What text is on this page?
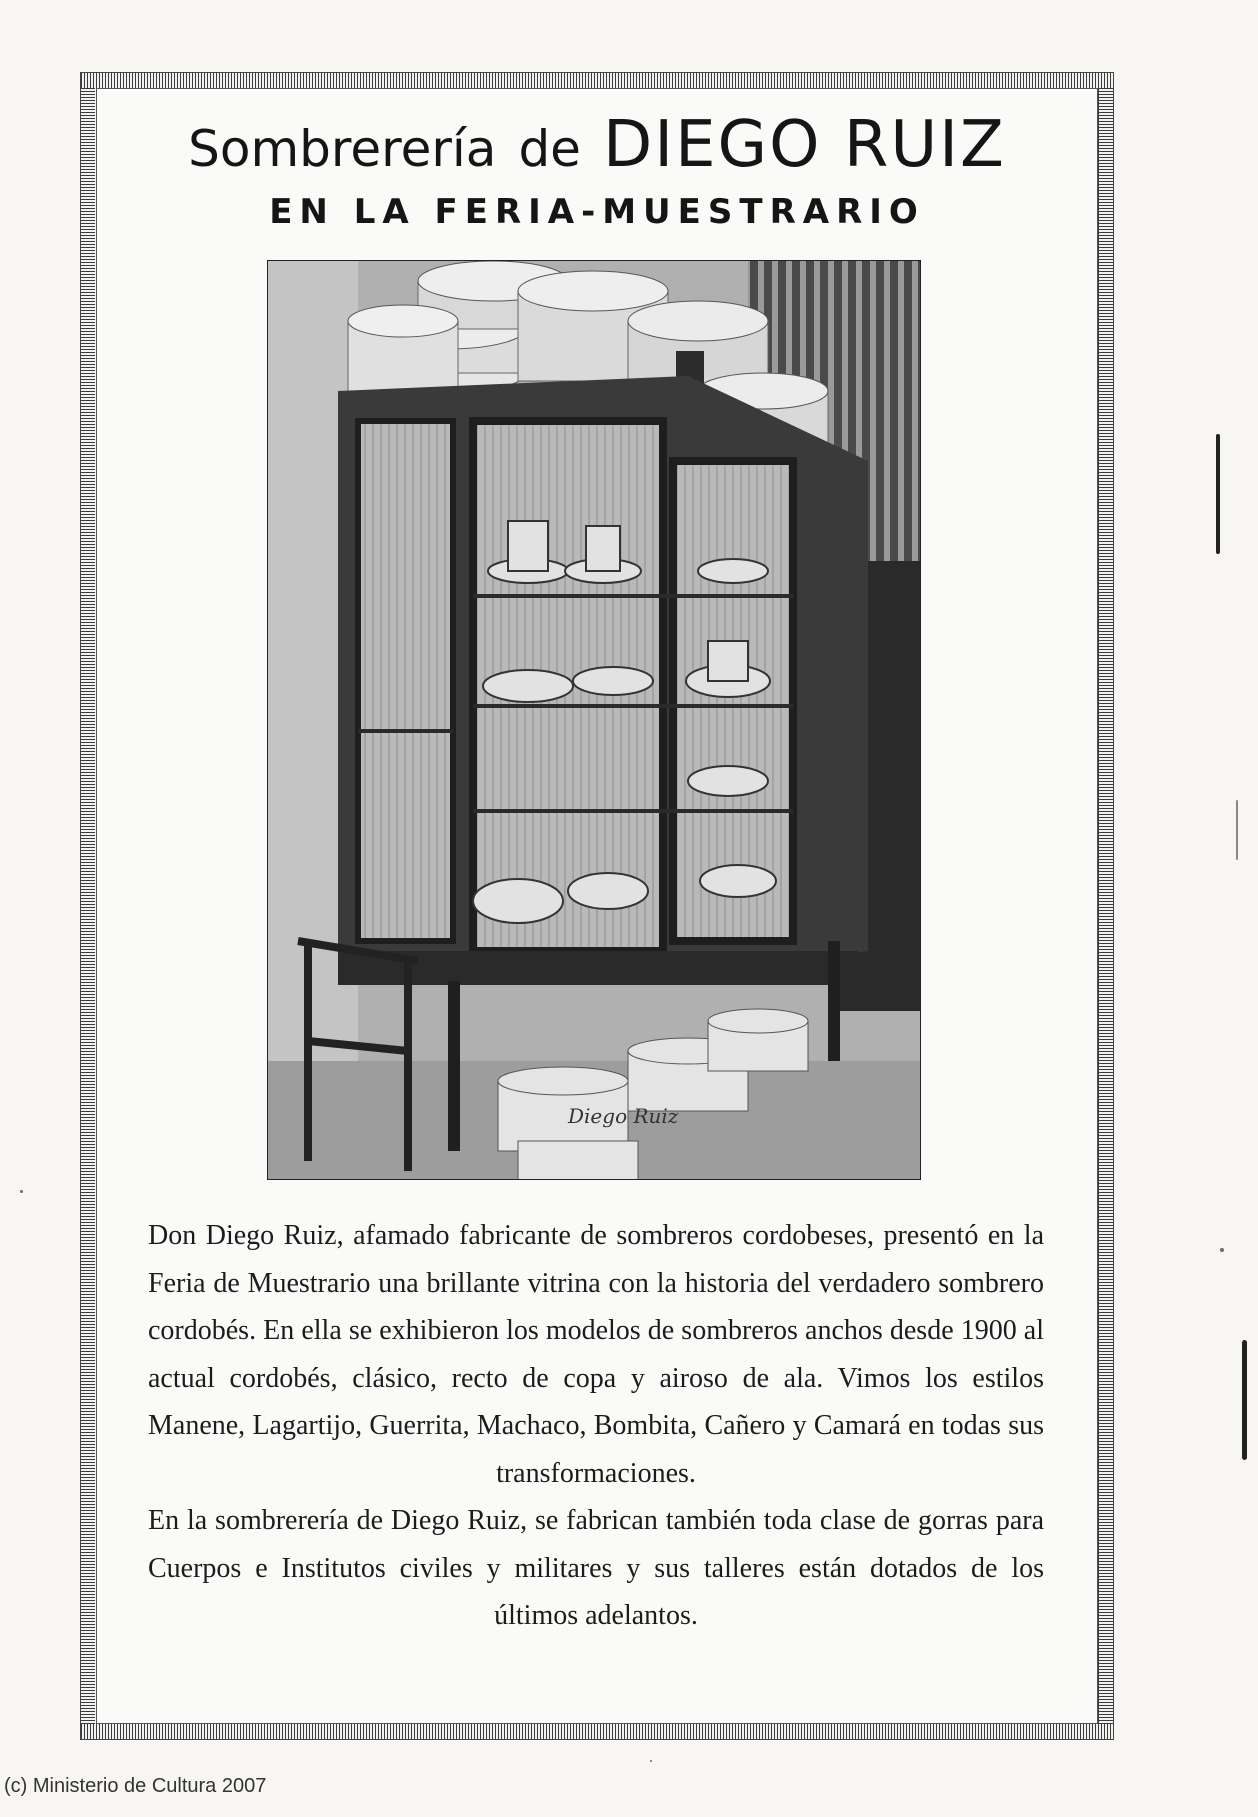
Sombrerería de DIEGO RUIZ
EN LA FERIA-MUESTRARIO
Diego Ruiz

Don Diego Ruiz, afamado fabricante de sombreros cordobeses, presentó en la Feria de Muestrario una brillante vitrina con la historia del verdadero sombrero cordobés. En ella se exhibieron los modelos de sombreros anchos desde 1900 al actual cordobés, clásico, recto de copa y airoso de ala. Vimos los estilos Manene, Lagartijo, Guerrita, Machaco, Bombita, Cañero y Camará en todas sus transformaciones.

En la sombrerería de Diego Ruiz, se fabrican también toda clase de gorras para Cuerpos e Institutos civiles y militares y sus talleres están dotados de los últimos adelantos.

(c) Ministerio de Cultura 2007
